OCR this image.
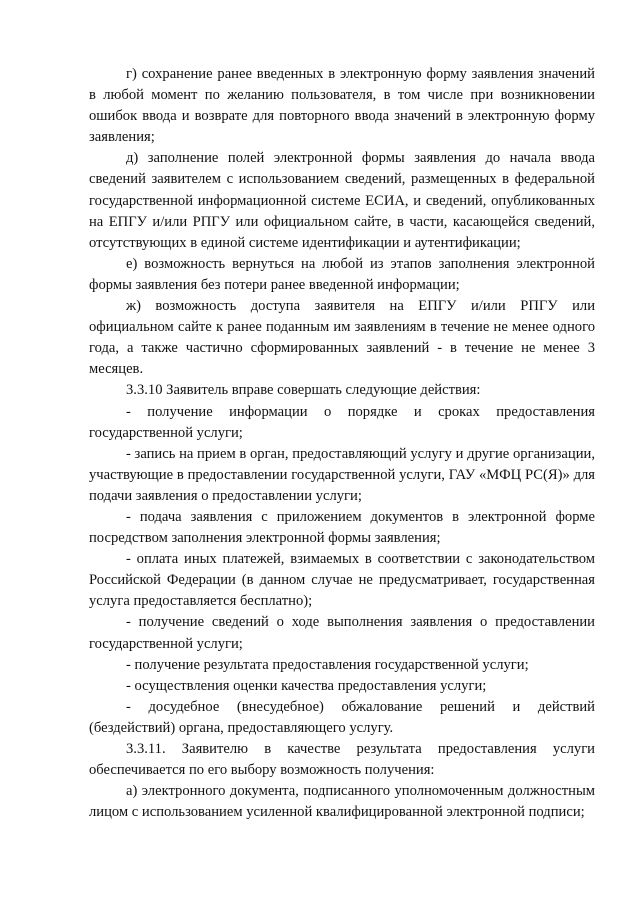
г) сохранение ранее введенных в электронную форму заявления значений в любой момент по желанию пользователя, в том числе при возникновении ошибок ввода и возврате для повторного ввода значений в электронную форму заявления;

д) заполнение полей электронной формы заявления до начала ввода сведений заявителем с использованием сведений, размещенных в федеральной государственной информационной системе ЕСИА, и сведений, опубликованных на ЕПГУ и/или РПГУ или официальном сайте, в части, касающейся сведений, отсутствующих в единой системе идентификации и аутентификации;

е) возможность вернуться на любой из этапов заполнения электронной формы заявления без потери ранее введенной информации;

ж) возможность доступа заявителя на ЕПГУ и/или РПГУ или официальном сайте к ранее поданным им заявлениям в течение не менее одного года, а также частично сформированных заявлений - в течение не менее 3 месяцев.

3.3.10 Заявитель вправе совершать следующие действия:

- получение информации о порядке и сроках предоставления государственной услуги;

- запись на прием в орган, предоставляющий услугу и другие организации, участвующие в предоставлении государственной услуги, ГАУ «МФЦ РС(Я)» для подачи заявления о предоставлении услуги;

- подача заявления с приложением документов в электронной форме посредством заполнения электронной формы заявления;

- оплата иных платежей, взимаемых в соответствии с законодательством Российской Федерации (в данном случае не предусматривает, государственная услуга предоставляется бесплатно);

- получение сведений о ходе выполнения заявления о предоставлении государственной услуги;

- получение результата предоставления государственной услуги;

- осуществления оценки качества предоставления услуги;

- досудебное (внесудебное) обжалование решений и действий (бездействий) органа, предоставляющего услугу.

3.3.11. Заявителю в качестве результата предоставления услуги обеспечивается по его выбору возможность получения:

а) электронного документа, подписанного уполномоченным должностным лицом с использованием усиленной квалифицированной электронной подписи;
